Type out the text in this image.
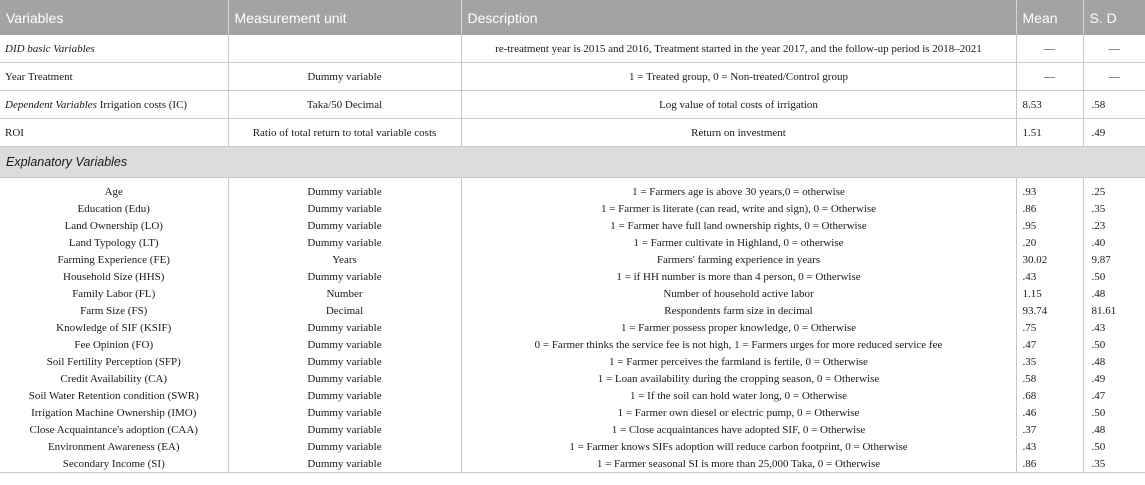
Variables	Measurement unit	Description	Mean	S. D
DID basic Variables		re-treatment year is 2015 and 2016, Treatment started in the year 2017, and the follow-up period is 2018–2021	—	—
Year Treatment	Dummy variable	1 = Treated group, 0 = Non-treated/Control group	—	—
Dependent Variables Irrigation costs (IC)	Taka/50 Decimal	Log value of total costs of irrigation	8.53	.58
ROI	Ratio of total return to total variable costs	Return on investment	1.51	.49
Explanatory Variables				

Age	Dummy variable	1 = Farmers age is above 30 years,0 = otherwise	.93	.25
Education (Edu)	Dummy variable	1 = Farmer is literate (can read, write and sign), 0 = Otherwise	.86	.35
Land Ownership (LO)	Dummy variable	1 = Farmer have full land ownership rights, 0 = Otherwise	.95	.23
Land Typology (LT)	Dummy variable	1 = Farmer cultivate in Highland, 0 = otherwise	.20	.40
Farming Experience (FE)	Years	Farmers' farming experience in years	30.02	9.87
Household Size (HHS)	Dummy variable	1 = if HH number is more than 4 person, 0 = Otherwise	.43	.50
Family Labor (FL)	Number	Number of household active labor	1.15	.48
Farm Size (FS)	Decimal	Respondents farm size in decimal	93.74	81.61
Knowledge of SIF (KSIF)	Dummy variable	1 = Farmer possess proper knowledge, 0 = Otherwise	.75	.43
Fee Opinion (FO)	Dummy variable	0 = Farmer thinks the service fee is not high, 1 = Farmers urges for more reduced service fee	.47	.50
Soil Fertility Perception (SFP)	Dummy variable	1 = Farmer perceives the farmland is fertile, 0 = Otherwise	.35	.48
Credit Availability (CA)	Dummy variable	1 = Loan availability during the cropping season, 0 = Otherwise	.58	.49
Soil Water Retention condition (SWR)	Dummy variable	1 = If the soil can hold water long, 0 = Otherwise	.68	.47
Irrigation Machine Ownership (IMO)	Dummy variable	1 = Farmer own diesel or electric pump, 0 = Otherwise	.46	.50
Close Acquaintance's adoption (CAA)	Dummy variable	1 = Close acquaintances have adopted SIF, 0 = Otherwise	.37	.48
Environment Awareness (EA)	Dummy variable	1 = Farmer knows SIFs adoption will reduce carbon footprint, 0 = Otherwise	.43	.50
Secondary Income (SI)	Dummy variable	1 = Farmer seasonal SI is more than 25,000 Taka, 0 = Otherwise	.86	.35
